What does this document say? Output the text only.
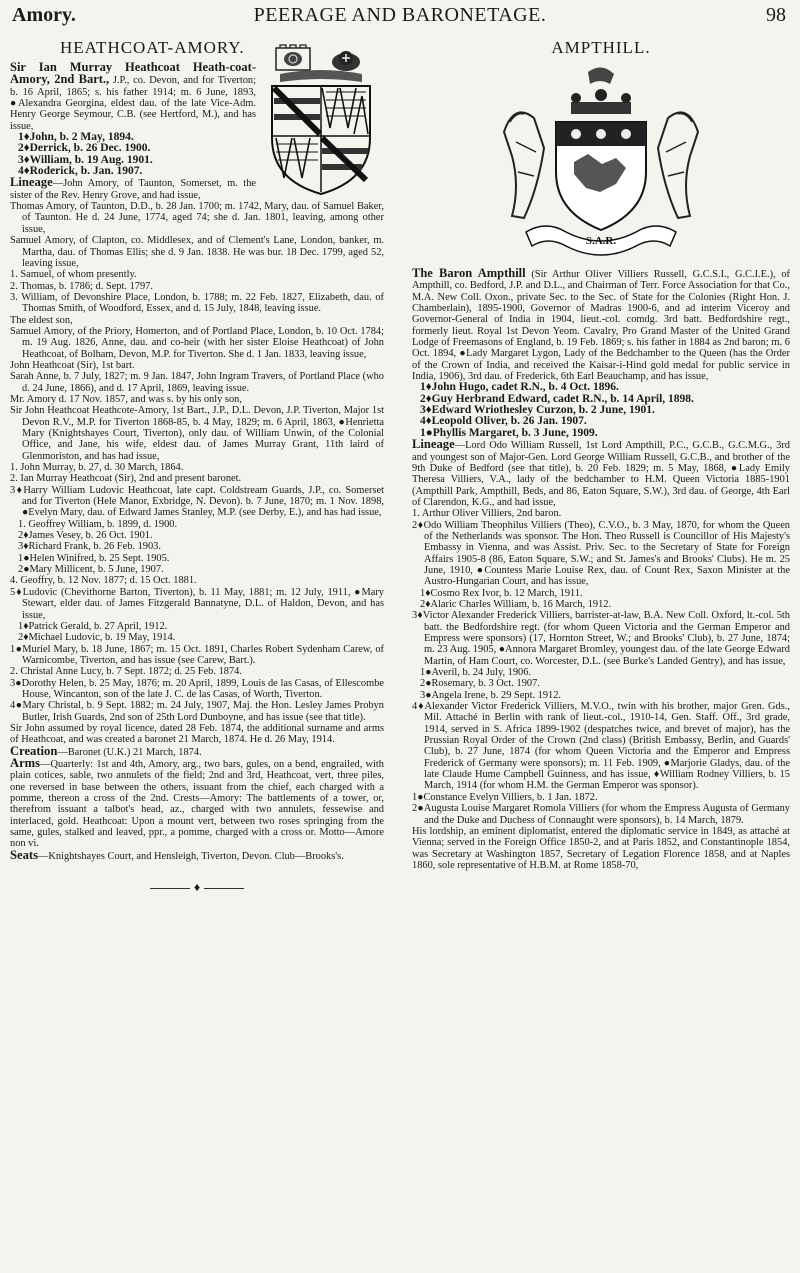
Amory.	PEERAGE AND BARONETAGE.	98
HEATHCOAT-AMORY.

Sir Ian Murray Heathcoat Heath-coat-Amory, 2nd Bart., J.P., co. Devon, and for Tiverton; b. 16 April, 1865; s. his father 1914; m. 6 June, 1893, ●Alexandra Georgina, eldest dau. of the late Vice-Adm. Henry George Seymour, C.B. (see Hertford, M.), and has issue,

1♦John, b. 2 May, 1894.
2♦Derrick, b. 26 Dec. 1900.
3♦William, b. 19 Aug. 1901.
4♦Roderick, b. Jan. 1907.

Lineage—John Amory, of Taunton, Somerset, m. the sister of the Rev. Henry Grove, and had issue,

Thomas Amory, of Taunton, D.D., b. 28 Jan. 1700; m. 1742, Mary, dau. of Samuel Baker, of Taunton. He d. 24 June, 1774, aged 74; she d. Jan. 1801, leaving, among other issue,

Samuel Amory, of Clapton, co. Middlesex, and of Clement's Lane, London, banker, m. Martha, dau. of Thomas Ellis; she d. 9 Jan. 1838. He was bur. 18 Dec. 1799, aged 52, leaving issue,

1. Samuel, of whom presently.

2. Thomas, b. 1786; d. Sept. 1797.

3. William, of Devonshire Place, London, b. 1788; m. 22 Feb. 1827, Elizabeth, dau. of Thomas Smith, of Woodford, Essex, and d. 15 July, 1848, leaving issue.

The eldest son,

Samuel Amory, of the Priory, Homerton, and of Portland Place, London, b. 10 Oct. 1784; m. 19 Aug. 1826, Anne, dau. and co-heir (with her sister Eloise Heathcoat) of John Heathcoat, of Bolham, Devon, M.P. for Tiverton. She d. 1 Jan. 1833, leaving issue,

John Heathcoat (Sir), 1st bart.

Sarah Anne, b. 7 July, 1827; m. 9 Jan. 1847, John Ingram Travers, of Portland Place (who d. 24 June, 1866), and d. 17 April, 1869, leaving issue.

Mr. Amory d. 17 Nov. 1857, and was s. by his only son,

Sir John Heathcoat Heathcote-Amory, 1st Bart., J.P., D.L. Devon, J.P. Tiverton, Major 1st Devon R.V., M.P. for Tiverton 1868-85, b. 4 May, 1829; m. 6 April, 1863, ●Henrietta Mary (Knightshayes Court, Tiverton), only dau. of William Unwin, of the Colonial Office, and Jane, his wife, eldest dau. of James Murray Grant, 11th laird of Glenmoriston, and has had issue,

1. John Murray, b. 27, d. 30 March, 1864.

2. Ian Murray Heathcoat (Sir), 2nd and present baronet.

3♦Harry William Ludovic Heathcoat, late capt. Coldstream Guards, J.P., co. Somerset and for Tiverton (Hele Manor, Exbridge, N. Devon). b. 7 June, 1870; m. 1 Nov. 1898, ●Evelyn Mary, dau. of Edward James Stanley, M.P. (see Derby, E.), and has had issue,

1. Geoffrey William, b. 1899, d. 1900.

2♦James Vesey, b. 26 Oct. 1901.

3♦Richard Frank, b. 26 Feb. 1903.

1●Helen Winifred, b. 25 Sept. 1905.

2●Mary Millicent, b. 5 June, 1907.

4. Geoffry, b. 12 Nov. 1877; d. 15 Oct. 1881.

5♦Ludovic (Chevithorne Barton, Tiverton), b. 11 May, 1881; m. 12 July, 1911, ●Mary Stewart, elder dau. of James Fitzgerald Bannatyne, D.L. of Haldon, Devon, and has issue,

1♦Patrick Gerald, b. 27 April, 1912.

2♦Michael Ludovic, b. 19 May, 1914.

1●Muriel Mary, b. 18 June, 1867; m. 15 Oct. 1891, Charles Robert Sydenham Carew, of Warnicombe, Tiverton, and has issue (see Carew, Bart.).

2. Christal Anne Lucy, b. 7 Sept. 1872; d. 25 Feb. 1874.

3●Dorothy Helen, b. 25 May, 1876; m. 20 April, 1899, Louis de las Casas, of Ellescombe House, Wincanton, son of the late J. C. de las Casas, of Worth, Tiverton.

4●Mary Christal, b. 9 Sept. 1882; m. 24 July, 1907, Maj. the Hon. Lesley James Probyn Butler, Irish Guards, 2nd son of 25th Lord Dunboyne, and has issue (see that title).

Sir John assumed by royal licence, dated 28 Feb. 1874, the additional surname and arms of Heathcoat, and was created a baronet 21 March, 1874. He d. 26 May, 1914.

Creation—Baronet (U.K.) 21 March, 1874.

Arms—Quarterly: 1st and 4th, Amory, arg., two bars, gules, on a bend, engrailed, with plain cotices, sable, two annulets of the field; 2nd and 3rd, Heathcoat, vert, three piles, one reversed in base between the others, issuant from the chief, each charged with a pomme, thereon a cross of the 2nd. Crests—Amory: The battlements of a tower, or, therefrom issuant a talbot's head, az., charged with two annulets, fessewise and interlaced, gold. Heathcoat: Upon a mount vert, between two roses springing from the same, gules, stalked and leaved, ppr., a pomme, charged with a cross or. Motto—Amore non vi.

Seats—Knightshayes Court, and Hensleigh, Tiverton, Devon. Club—Brooks's.

♦
AMPTHILL.
S.A.R.

The Baron Ampthill (Sir Arthur Oliver Villiers Russell, G.C.S.I., G.C.I.E.), of Ampthill, co. Bedford, J.P. and D.L., and Chairman of Terr. Force Association for that Co., M.A. New Coll. Oxon., private Sec. to the Sec. of State for the Colonies (Right Hon. J. Chamberlain), 1895-1900, Governor of Madras 1900-6, and ad interim Viceroy and Governor-General of India in 1904, lieut.-col. comdg. 3rd batt. Bedfordshire regt., formerly lieut. Royal 1st Devon Yeom. Cavalry, Pro Grand Master of the United Grand Lodge of Freemasons of England, b. 19 Feb. 1869; s. his father in 1884 as 2nd baron; m. 6 Oct. 1894, ●Lady Margaret Lygon, Lady of the Bedchamber to the Queen (has the Order of the Crown of India, and received the Kaisar-i-Hind gold medal for public service in India, 1906), 3rd dau. of Frederick, 6th Earl Beauchamp, and has issue,

1♦John Hugo, cadet R.N., b. 4 Oct. 1896.
2♦Guy Herbrand Edward, cadet R.N., b. 14 April, 1898.
3♦Edward Wriothesley Curzon, b. 2 June, 1901.
4♦Leopold Oliver, b. 26 Jan. 1907.
1●Phyllis Margaret, b. 3 June, 1909.

Lineage—Lord Odo William Russell, 1st Lord Ampthill, P.C., G.C.B., G.C.M.G., 3rd and youngest son of Major-Gen. Lord George William Russell, G.C.B., and brother of the 9th Duke of Bedford (see that title), b. 20 Feb. 1829; m. 5 May, 1868, ●Lady Emily Theresa Villiers, V.A., lady of the bedchamber to H.M. Queen Victoria 1885-1901 (Ampthill Park, Ampthill, Beds, and 86, Eaton Square, S.W.), 3rd dau. of George, 4th Earl of Clarendon, K.G., and had issue,

1. Arthur Oliver Villiers, 2nd baron.

2♦Odo William Theophilus Villiers (Theo), C.V.O., b. 3 May, 1870, for whom the Queen of the Netherlands was sponsor. The Hon. Theo Russell is Councillor of His Majesty's Embassy in Vienna, and was Assist. Priv. Sec. to the Secretary of State for Foreign Affairs 1905-8 (86, Eaton Square, S.W.; and St. James's and Brooks' Clubs). He m. 25 June, 1910, ●Countess Marie Louise Rex, dau. of Count Rex, Saxon Minister at the Austro-Hungarian Court, and has issue,

1♦Cosmo Rex Ivor, b. 12 March, 1911.

2♦Alaric Charles William, b. 16 March, 1912.

3♦Victor Alexander Frederick Villiers, barrister-at-law, B.A. New Coll. Oxford, lt.-col. 5th batt. the Bedfordshire regt. (for whom Queen Victoria and the German Emperor and Empress were sponsors) (17, Hornton Street, W.; and Brooks' Club), b. 27 June, 1874; m. 23 Aug. 1905, ●Annora Margaret Bromley, youngest dau. of the late George Edward Martin, of Ham Court, co. Worcester, D.L. (see Burke's Landed Gentry), and has issue,

1●Averil, b. 24 July, 1906.

2●Rosemary, b. 3 Oct. 1907.

3●Angela Irene, b. 29 Sept. 1912.

4♦Alexander Victor Frederick Villiers, M.V.O., twin with his brother, major Gren. Gds., Mil. Attaché in Berlin with rank of lieut.-col., 1910-14, Gen. Staff. Off., 3rd grade, 1914, served in S. Africa 1899-1902 (despatches twice, and brevet of major), has the Prussian Royal Order of the Crown (2nd class) (British Embassy, Berlin, and Guards' Club), b. 27 June, 1874 (for whom Queen Victoria and the Emperor and Empress Frederick of Germany were sponsors); m. 11 Feb. 1909, ●Marjorie Gladys, dau. of the late Claude Hume Campbell Guinness, and has issue, ♦William Rodney Villiers, b. 15 March, 1914 (for whom H.M. the German Emperor was sponsor).

1●Constance Evelyn Villiers, b. 1 Jan. 1872.

2●Augusta Louise Margaret Romola Villiers (for whom the Empress Augusta of Germany and the Duke and Duchess of Connaught were sponsors), b. 14 March, 1879.

His lordship, an eminent diplomatist, entered the diplomatic service in 1849, as attaché at Vienna; served in the Foreign Office 1850-2, and at Paris 1852, and Constantinople 1854, was Secretary at Washington 1857, Secretary of Legation Florence 1858, and at Naples 1860, sole representative of H.B.M. at Rome 1858-70,
